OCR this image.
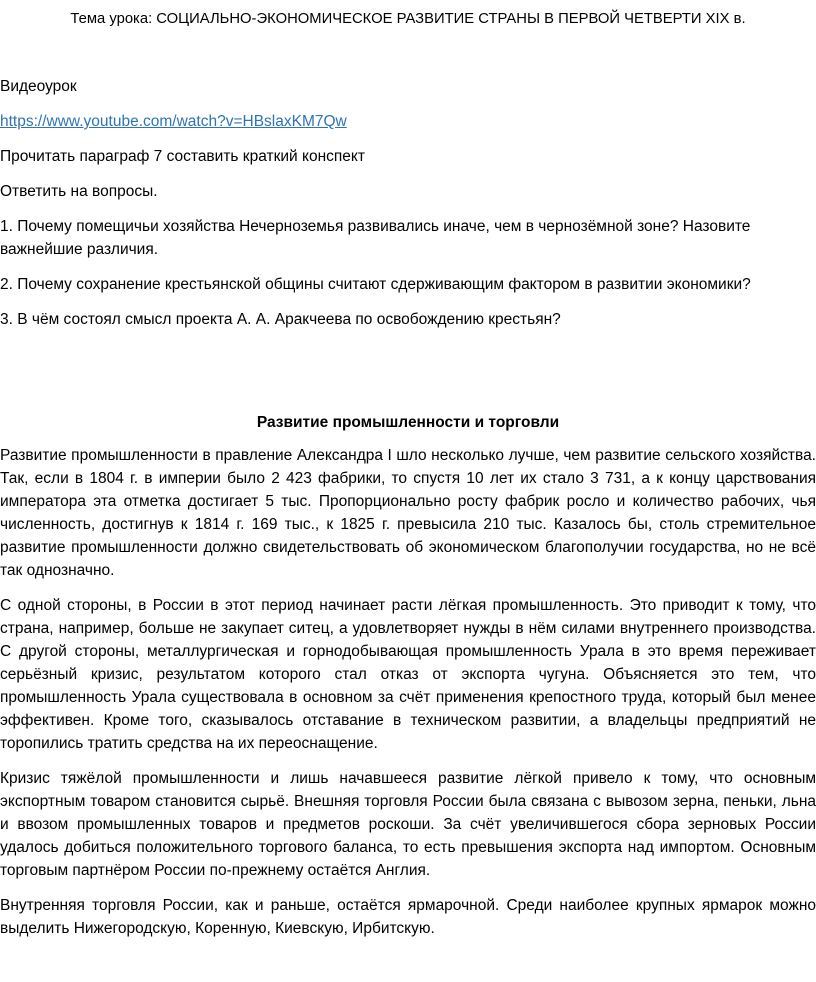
Тема урока: СОЦИАЛЬНО-ЭКОНОМИЧЕСКОЕ РАЗВИТИЕ СТРАНЫ В ПЕРВОЙ ЧЕТВЕРТИ XIX в.

Видеоурок

https://www.youtube.com/watch?v=HBslaxKM7Qw

Прочитать параграф 7 составить краткий конспект

Ответить на вопросы.

1. Почему помещичьи хозяйства Нечерноземья развивались иначе, чем в чернозёмной зоне? Назовите важнейшие различия.

2. Почему сохранение крестьянской общины считают сдерживающим фактором в развитии экономики?

3. В чём состоял смысл проекта А. А. Аракчеева по освобождению крестьян?

Развитие промышленности и торговли

Развитие промышленности в правление Александра I шло несколько лучше, чем развитие сельского хозяйства. Так, если в 1804 г. в империи было 2 423 фабрики, то спустя 10 лет их стало 3 731, а к концу царствования императора эта отметка достигает 5 тыс. Пропорционально росту фабрик росло и количество рабочих, чья численность, достигнув к 1814 г. 169 тыс., к 1825 г. превысила 210 тыс. Казалось бы, столь стремительное развитие промышленности должно свидетельствовать об экономическом благополучии государства, но не всё так однозначно.

С одной стороны, в России в этот период начинает расти лёгкая промышленность. Это приводит к тому, что страна, например, больше не закупает ситец, а удовлетворяет нужды в нём силами внутреннего производства. С другой стороны, металлургическая и горнодобывающая промышленность Урала в это время переживает серьёзный кризис, результатом которого стал отказ от экспорта чугуна. Объясняется это тем, что промышленность Урала существовала в основном за счёт применения крепостного труда, который был менее эффективен. Кроме того, сказывалось отставание в техническом развитии, а владельцы предприятий не торопились тратить средства на их переоснащение.

Кризис тяжёлой промышленности и лишь начавшееся развитие лёгкой привело к тому, что основным экспортным товаром становится сырьё. Внешняя торговля России была связана с вывозом зерна, пеньки, льна и ввозом промышленных товаров и предметов роскоши. За счёт увеличившегося сбора зерновых России удалось добиться положительного торгового баланса, то есть превышения экспорта над импортом. Основным торговым партнёром России по-прежнему остаётся Англия.

Внутренняя торговля России, как и раньше, остаётся ярмарочной. Среди наиболее крупных ярмарок можно выделить Нижегородскую, Коренную, Киевскую, Ирбитскую.
